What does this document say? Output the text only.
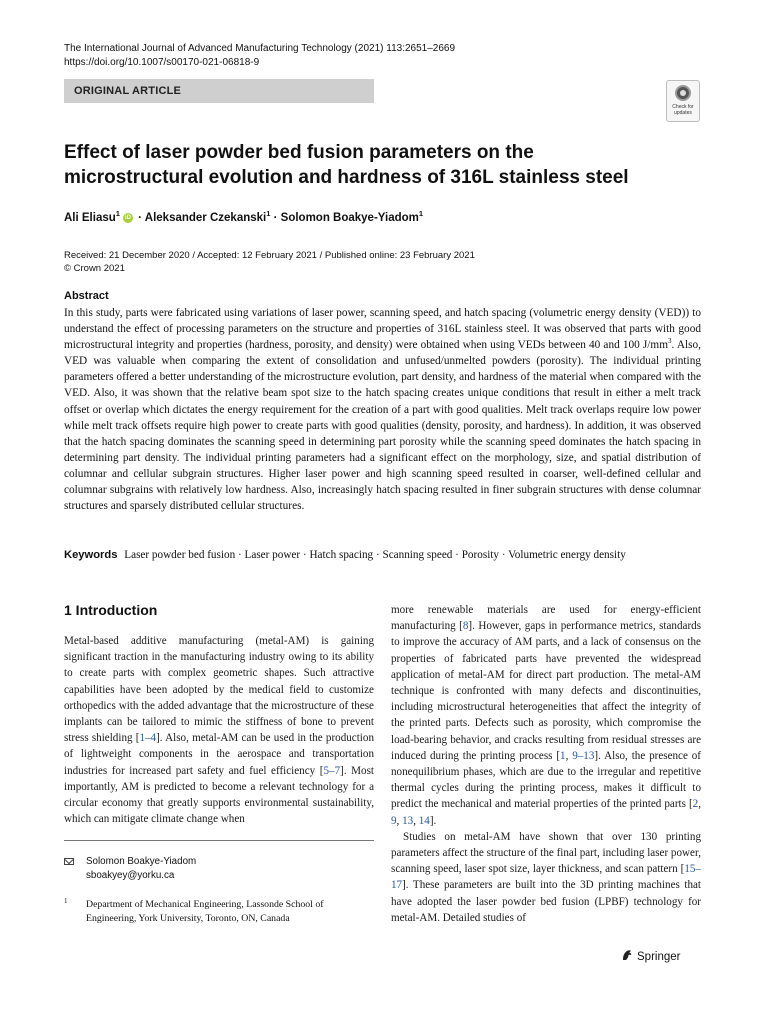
The International Journal of Advanced Manufacturing Technology (2021) 113:2651–2669
https://doi.org/10.1007/s00170-021-06818-9
ORIGINAL ARTICLE
Check for updates
Effect of laser powder bed fusion parameters on the microstructural evolution and hardness of 316L stainless steel
Ali Eliasu$^1$ iD · Aleksander Czekanski$^1$ · Solomon Boakye-Yiadom$^1$
Received: 21 December 2020 / Accepted: 12 February 2021 / Published online: 23 February 2021
© Crown 2021
Abstract
In this study, parts were fabricated using variations of laser power, scanning speed, and hatch spacing (volumetric energy density (VED)) to understand the effect of processing parameters on the structure and properties of 316L stainless steel. It was observed that parts with good microstructural integrity and properties (hardness, porosity, and density) were obtained when using VEDs between 40 and 100 $J/mm^3$. Also, VED was valuable when comparing the extent of consolidation and unfused/unmelted powders (porosity). The individual printing parameters offered a better understanding of the microstructure evolution, part density, and hardness of the material when compared with the VED. Also, it was shown that the relative beam spot size to the hatch spacing creates unique conditions that result in either a melt track offset or overlap which dictates the energy requirement for the creation of a part with good qualities. Melt track overlaps require low power while melt track offsets require high power to create parts with good qualities (density, porosity, and hardness). In addition, it was observed that the hatch spacing dominates the scanning speed in determining part porosity while the scanning speed dominates the hatch spacing in determining part density. The individual printing parameters had a significant effect on the morphology, size, and spatial distribution of columnar and cellular subgrain structures. Higher laser power and high scanning speed resulted in coarser, well-defined cellular and columnar subgrains with relatively low hardness. Also, increasingly hatch spacing resulted in finer subgrain structures with dense columnar structures and sparsely distributed cellular structures.
Keywords Laser powder bed fusion · Laser power · Hatch spacing · Scanning speed · Porosity · Volumetric energy density
1 Introduction

Metal-based additive manufacturing (metal-AM) is gaining significant traction in the manufacturing industry owing to its ability to create parts with complex geometric shapes. Such attractive capabilities have been adopted by the medical field to customize orthopedics with the added advantage that the microstructure of these implants can be tailored to mimic the stiffness of bone to prevent stress shielding [1–4]. Also, metal-AM can be used in the production of lightweight components in the aerospace and transportation industries for increased part safety and fuel efficiency [5–7]. Most importantly, AM is predicted to become a relevant technology for a circular economy that greatly supports environmental sustainability, which can mitigate climate change when

more renewable materials are used for energy-efficient manufacturing [8]. However, gaps in performance metrics, standards to improve the accuracy of AM parts, and a lack of consensus on the properties of fabricated parts have prevented the widespread application of metal-AM for direct part production. The metal-AM technique is confronted with many defects and discontinuities, including microstructural heterogeneities that affect the integrity of the printed parts. Defects such as porosity, which compromise the load-bearing behavior, and cracks resulting from residual stresses are induced during the printing process [1, 9–13]. Also, the presence of nonequilibrium phases, which are due to the irregular and repetitive thermal cycles during the printing process, makes it difficult to predict the mechanical and material properties of the printed parts [2, 9, 13, 14].

Studies on metal-AM have shown that over 130 printing parameters affect the structure of the final part, including laser power, scanning speed, laser spot size, layer thickness, and scan pattern [15–17]. These parameters are built into the 3D printing machines that have adopted the laser powder bed fusion (LPBF) technology for metal-AM. Detailed studies of

Solomon Boakye-Yiadom
sboakyey@yorku.ca
1 Department of Mechanical Engineering, Lassonde School of Engineering, York University, Toronto, ON, Canada
Springer
